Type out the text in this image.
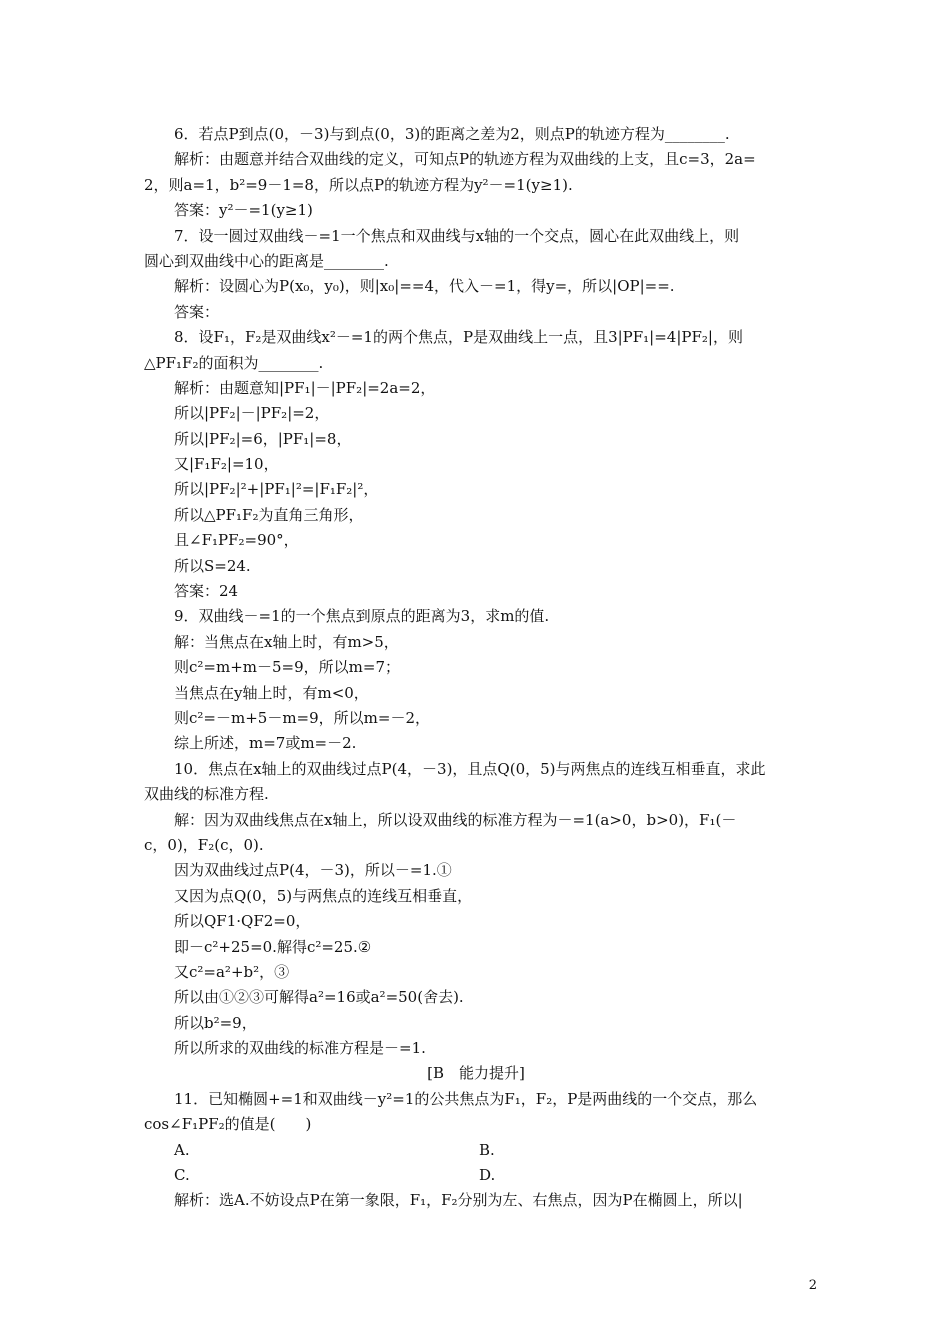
6．若点P到点(0，－3)与到点(0，3)的距离之差为2，则点P的轨迹方程为________.
解析：由题意并结合双曲线的定义，可知点P的轨迹方程为双曲线的上支，且c=3，2a=
2，则a=1，b²=9－1=8，所以点P的轨迹方程为y²－=1(y≥1).
答案：y²－=1(y≥1)
7．设一圆过双曲线－=1一个焦点和双曲线与x轴的一个交点，圆心在此双曲线上，则
圆心到双曲线中心的距离是________.
解析：设圆心为P(x₀，y₀)，则|x₀|==4，代入－=1，得y=，所以|OP|==.
答案：
8．设F₁，F₂是双曲线x²－=1的两个焦点，P是双曲线上一点，且3|PF₁|=4|PF₂|，则
△PF₁F₂的面积为________.
解析：由题意知|PF₁|－|PF₂|=2a=2，
所以|PF₂|－|PF₂|=2，
所以|PF₂|=6，|PF₁|=8，
又|F₁F₂|=10，
所以|PF₂|²+|PF₁|²=|F₁F₂|²，
所以△PF₁F₂为直角三角形，
且∠F₁PF₂=90°，
所以S=24.
答案：24
9．双曲线－=1的一个焦点到原点的距离为3，求m的值.
解：当焦点在x轴上时，有m>5，
则c²=m+m－5=9，所以m=7；
当焦点在y轴上时，有m<0，
则c²=－m+5－m=9，所以m=－2，
综上所述，m=7或m=－2.
10．焦点在x轴上的双曲线过点P(4，－3)，且点Q(0，5)与两焦点的连线互相垂直，求此
双曲线的标准方程.
解：因为双曲线焦点在x轴上，所以设双曲线的标准方程为－=1(a>0，b>0)，F₁(－
c，0)，F₂(c，0).
因为双曲线过点P(4，－3)，所以－=1.①
又因为点Q(0，5)与两焦点的连线互相垂直，
所以QF1·QF2=0，
即－c²+25=0.解得c²=25.②
又c²=a²+b²，③
所以由①②③可解得a²=16或a²=50(舍去).
所以b²=9，
所以所求的双曲线的标准方程是－=1.
[B　能力提升]
11．已知椭圆+=1和双曲线－y²=1的公共焦点为F₁，F₂，P是两曲线的一个交点，那么
cos∠F₁PF₂的值是(　　)
A.	B.
C.	D.
解析：选A.不妨设点P在第一象限，F₁，F₂分别为左、右焦点，因为P在椭圆上，所以|
2
